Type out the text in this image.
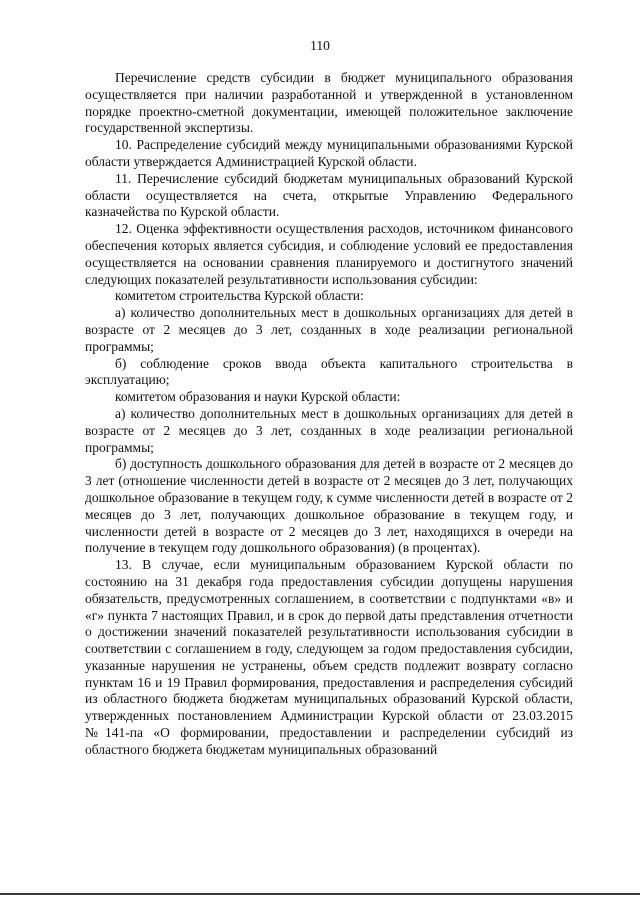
110

Перечисление средств субсидии в бюджет муниципального образования осуществляется при наличии разработанной и утвержденной в установленном порядке проектно-сметной документации, имеющей положительное заключение государственной экспертизы.

10. Распределение субсидий между муниципальными образованиями Курской области утверждается Администрацией Курской области.

11. Перечисление субсидий бюджетам муниципальных образований Курской области осуществляется на счета, открытые Управлению Федерального казначейства по Курской области.

12. Оценка эффективности осуществления расходов, источником финансового обеспечения которых является субсидия, и соблюдение условий ее предоставления осуществляется на основании сравнения планируемого и достигнутого значений следующих показателей результативности использования субсидии:

комитетом строительства Курской области:

а) количество дополнительных мест в дошкольных организациях для детей в возрасте от 2 месяцев до 3 лет, созданных в ходе реализации региональной программы;

б) соблюдение сроков ввода объекта капитального строительства в эксплуатацию;

комитетом образования и науки Курской области:

а) количество дополнительных мест в дошкольных организациях для детей в возрасте от 2 месяцев до 3 лет, созданных в ходе реализации региональной программы;

б) доступность дошкольного образования для детей в возрасте от 2 месяцев до 3 лет (отношение численности детей в возрасте от 2 месяцев до 3 лет, получающих дошкольное образование в текущем году, к сумме численности детей в возрасте от 2 месяцев до 3 лет, получающих дошкольное образование в текущем году, и численности детей в возрасте от 2 месяцев до 3 лет, находящихся в очереди на получение в текущем году дошкольного образования) (в процентах).

13. В случае, если муниципальным образованием Курской области по состоянию на 31 декабря года предоставления субсидии допущены нарушения обязательств, предусмотренных соглашением, в соответствии с подпунктами «в» и «г» пункта 7 настоящих Правил, и в срок до первой даты представления отчетности о достижении значений показателей результативности использования субсидии в соответствии с соглашением в году, следующем за годом предоставления субсидии, указанные нарушения не устранены, объем средств подлежит возврату согласно пунктам 16 и 19 Правил формирования, предоставления и распределения субсидий из областного бюджета бюджетам муниципальных образований Курской области, утвержденных постановлением Администрации Курской области от 23.03.2015 №141-па «О формировании, предоставлении и распределении субсидий из областного бюджета бюджетам муниципальных образований
